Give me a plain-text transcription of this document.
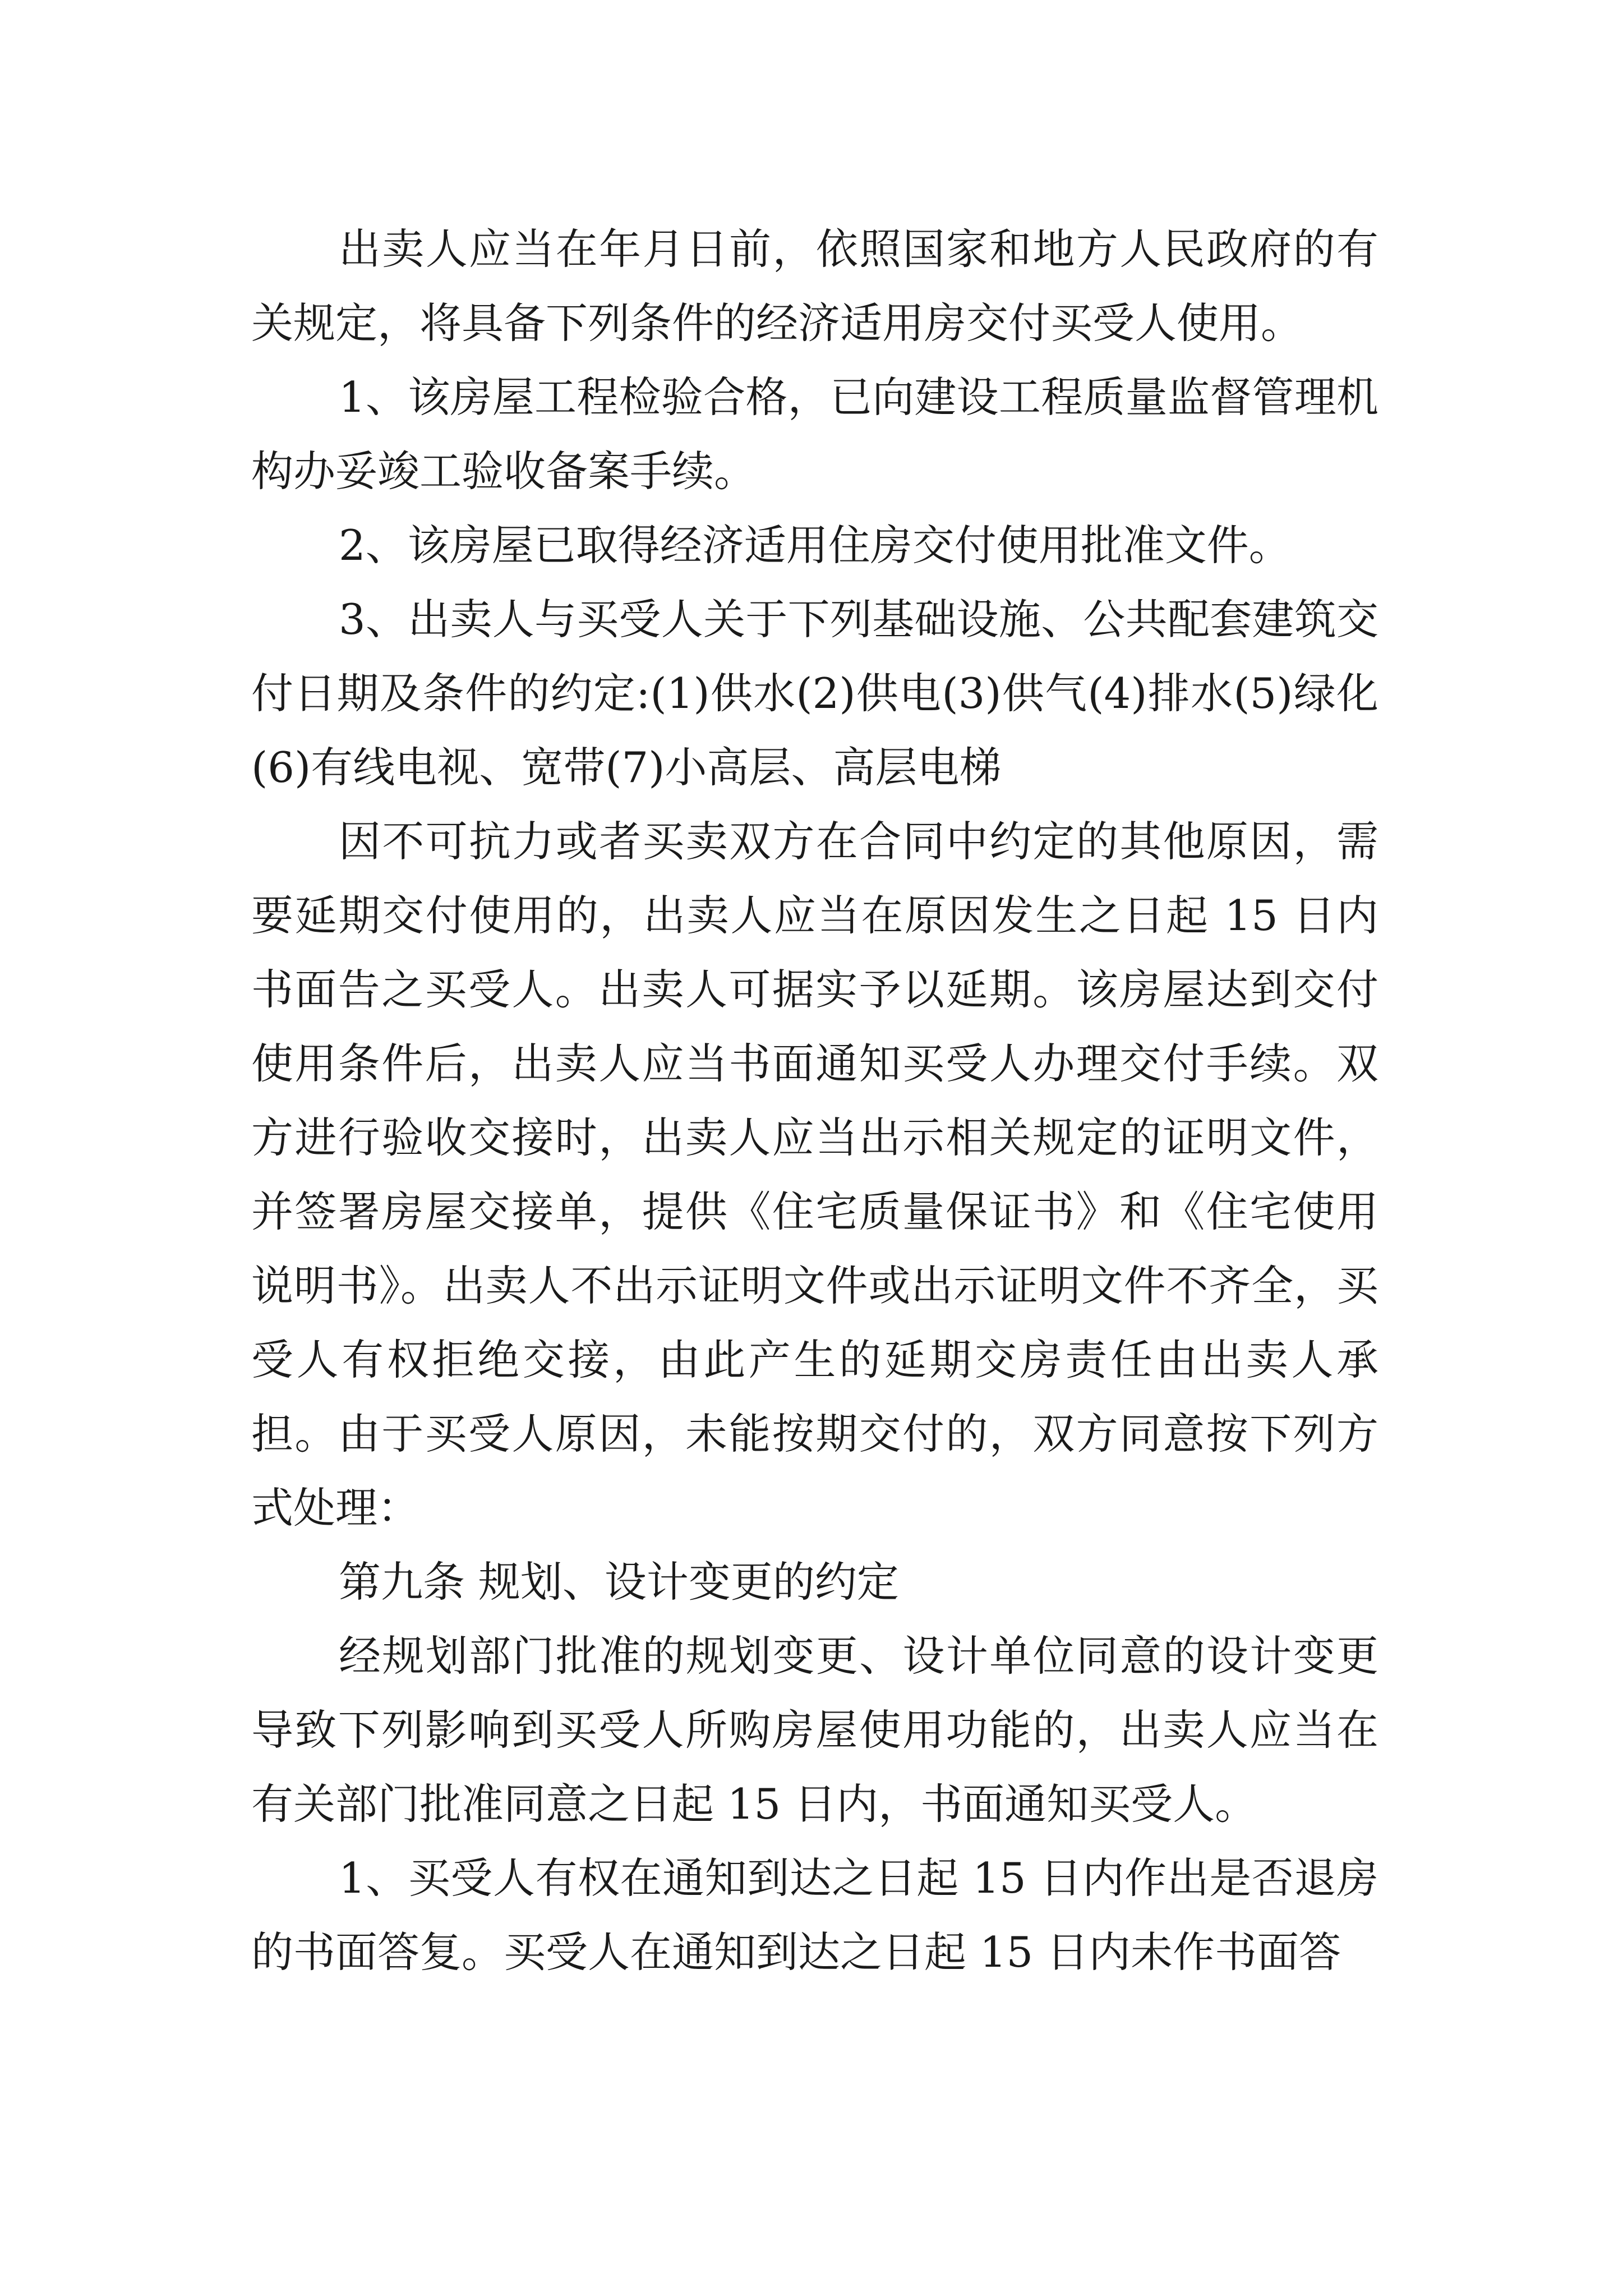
出卖人应当在年月日前，依照国家和地方人民政府的有关规定，将具备下列条件的经济适用房交付买受人使用。

1、该房屋工程检验合格，已向建设工程质量监督管理机构办妥竣工验收备案手续。

2、该房屋已取得经济适用住房交付使用批准文件。

3、出卖人与买受人关于下列基础设施、公共配套建筑交付日期及条件的约定:(1)供水(2)供电(3)供气(4)排水(5)绿化(6)有线电视、宽带(7)小高层、高层电梯

因不可抗力或者买卖双方在合同中约定的其他原因，需要延期交付使用的，出卖人应当在原因发生之日起 15 日内书面告之买受人。出卖人可据实予以延期。该房屋达到交付使用条件后，出卖人应当书面通知买受人办理交付手续。双方进行验收交接时，出卖人应当出示相关规定的证明文件，并签署房屋交接单，提供《住宅质量保证书》和《住宅使用说明书》。出卖人不出示证明文件或出示证明文件不齐全，买受人有权拒绝交接，由此产生的延期交房责任由出卖人承担。由于买受人原因，未能按期交付的，双方同意按下列方式处理：

第九条 规划、设计变更的约定

经规划部门批准的规划变更、设计单位同意的设计变更导致下列影响到买受人所购房屋使用功能的，出卖人应当在有关部门批准同意之日起 15 日内，书面通知买受人。

1、买受人有权在通知到达之日起 15 日内作出是否退房的书面答复。买受人在通知到达之日起 15 日内未作书面答
